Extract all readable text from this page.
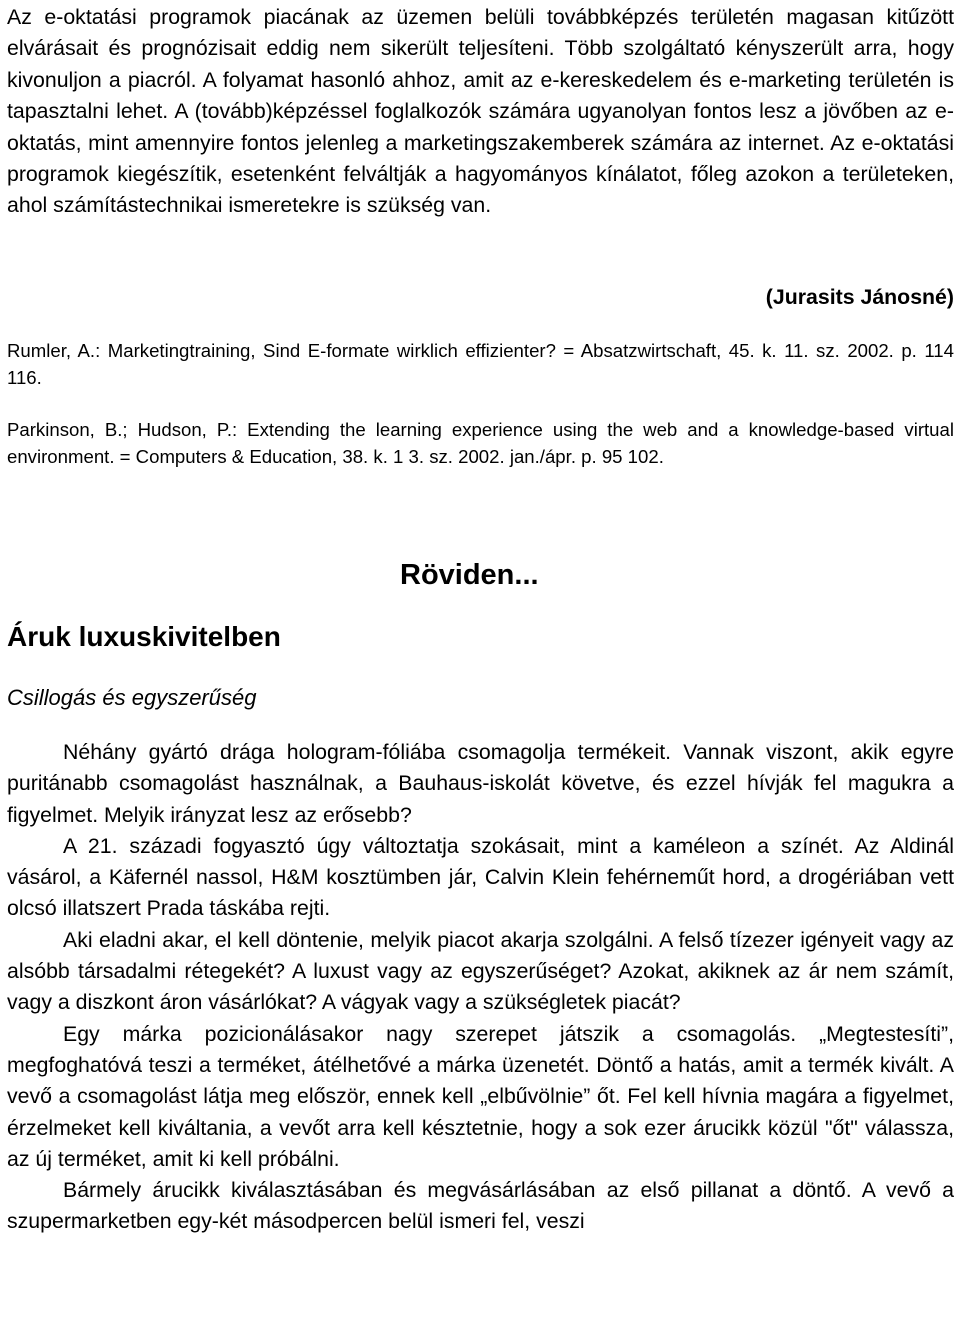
Az e-oktatási programok piacának az üzemen belüli továbbképzés területén magasan kitűzött elvárásait és prognózisait eddig nem sikerült teljesíteni. Több szolgáltató kényszerült arra, hogy kivonuljon a piacról. A folyamat hasonló ahhoz, amit az e-kereskedelem és e-marketing területén is tapasztalni lehet. A (tovább)képzéssel foglalkozók számára ugyanolyan fontos lesz a jövőben az e-oktatás, mint amennyire fontos jelenleg a marketingszakemberek számára az internet. Az e-oktatási programok kiegészítik, esetenként felváltják a hagyományos kínálatot, főleg azokon a területeken, ahol számítástechnikai ismeretekre is szükség van.
(Jurasits Jánosné)
Rumler, A.: Marketingtraining, Sind E-formate wirklich effizienter? = Absatzwirtschaft, 45. k. 11. sz. 2002. p. 114 116.
Parkinson, B.; Hudson, P.: Extending the learning experience using the web and a knowledge-based virtual environment. = Computers & Education, 38. k. 1 3. sz. 2002. jan./ápr. p. 95 102.
Röviden...
Áruk luxuskivitelben
Csillogás és egyszerűség

Néhány gyártó drága hologram-fóliába csomagolja termékeit. Vannak viszont, akik egyre puritánabb csomagolást használnak, a Bauhaus-iskolát követve, és ezzel hívják fel magukra a figyelmet. Melyik irányzat lesz az erősebb?

A 21. századi fogyasztó úgy változtatja szokásait, mint a kaméleon a színét. Az Aldinál vásárol, a Käfernél nassol, H&M kosztümben jár, Calvin Klein fehérneműt hord, a drogériában vett olcsó illatszert Prada táskába rejti.

Aki eladni akar, el kell döntenie, melyik piacot akarja szolgálni. A felső tízezer igényeit vagy az alsóbb társadalmi rétegekét? A luxust vagy az egyszerűséget? Azokat, akiknek az ár nem számít, vagy a diszkont áron vásárlókat? A vágyak vagy a szükségletek piacát?

Egy márka pozicionálásakor nagy szerepet játszik a csomagolás. „Megtestesíti”, megfoghatóvá teszi a terméket, átélhetővé a márka üzenetét. Döntő a hatás, amit a termék kivált. A vevő a csomagolást látja meg először, ennek kell „elbűvölnie” őt. Fel kell hívnia magára a figyelmet, érzelmeket kell kiváltania, a vevőt arra kell késztetnie, hogy a sok ezer árucikk közül "őt" válassza, az új terméket, amit ki kell próbálni.

Bármely árucikk kiválasztásában és megvásárlásában az első pillanat a döntő. A vevő a szupermarketben egy-két másodpercen belül ismeri fel, veszi
